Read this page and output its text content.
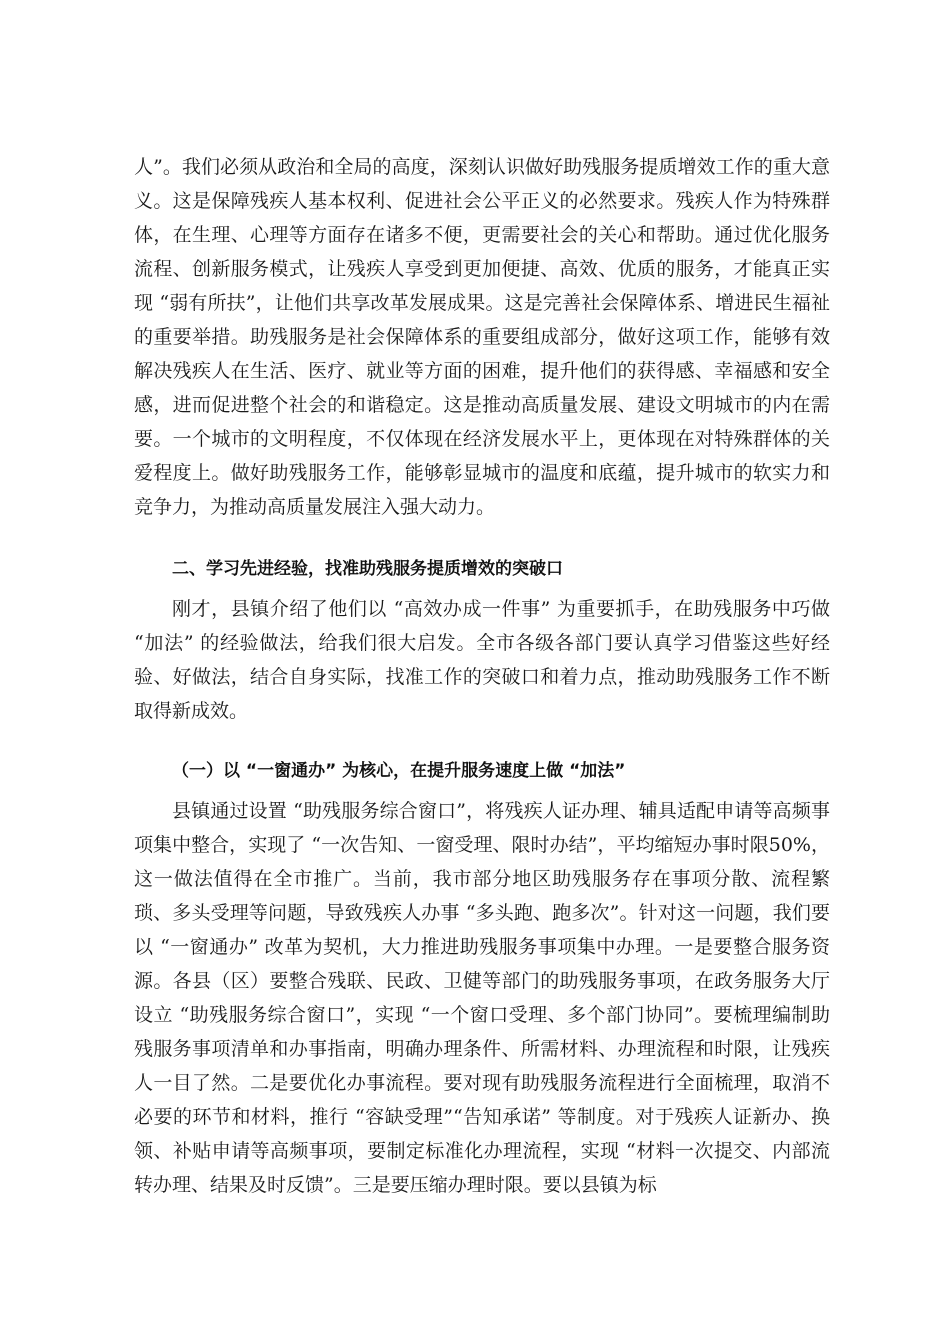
人”。我们必须从政治和全局的高度，深刻认识做好助残服务提质增效工作的重大意义。这是保障残疾人基本权利、促进社会公平正义的必然要求。残疾人作为特殊群体，在生理、心理等方面存在诸多不便，更需要社会的关心和帮助。通过优化服务流程、创新服务模式，让残疾人享受到更加便捷、高效、优质的服务，才能真正实现 “弱有所扶”，让他们共享改革发展成果。这是完善社会保障体系、增进民生福祉的重要举措。助残服务是社会保障体系的重要组成部分，做好这项工作，能够有效解决残疾人在生活、医疗、就业等方面的困难，提升他们的获得感、幸福感和安全感，进而促进整个社会的和谐稳定。这是推动高质量发展、建设文明城市的内在需要。一个城市的文明程度，不仅体现在经济发展水平上，更体现在对特殊群体的关爱程度上。做好助残服务工作，能够彰显城市的温度和底蕴，提升城市的软实力和竞争力，为推动高质量发展注入强大动力。

二、学习先进经验，找准助残服务提质增效的突破口

刚才，县镇介绍了他们以 “高效办成一件事” 为重要抓手，在助残服务中巧做 “加法” 的经验做法，给我们很大启发。全市各级各部门要认真学习借鉴这些好经验、好做法，结合自身实际，找准工作的突破口和着力点，推动助残服务工作不断取得新成效。

（一）以 “一窗通办” 为核心，在提升服务速度上做 “加法”

县镇通过设置 “助残服务综合窗口”，将残疾人证办理、辅具适配申请等高频事项集中整合，实现了 “一次告知、一窗受理、限时办结”，平均缩短办事时限50%，这一做法值得在全市推广。当前，我市部分地区助残服务存在事项分散、流程繁琐、多头受理等问题，导致残疾人办事 “多头跑、跑多次”。针对这一问题，我们要以 “一窗通办” 改革为契机，大力推进助残服务事项集中办理。一是要整合服务资源。各县（区）要整合残联、民政、卫健等部门的助残服务事项，在政务服务大厅设立 “助残服务综合窗口”，实现 “一个窗口受理、多个部门协同”。要梳理编制助残服务事项清单和办事指南，明确办理条件、所需材料、办理流程和时限，让残疾人一目了然。二是要优化办事流程。要对现有助残服务流程进行全面梳理，取消不必要的环节和材料，推行 “容缺受理”“告知承诺” 等制度。对于残疾人证新办、换领、补贴申请等高频事项，要制定标准化办理流程，实现 “材料一次提交、内部流转办理、结果及时反馈”。三是要压缩办理时限。要以县镇为标
